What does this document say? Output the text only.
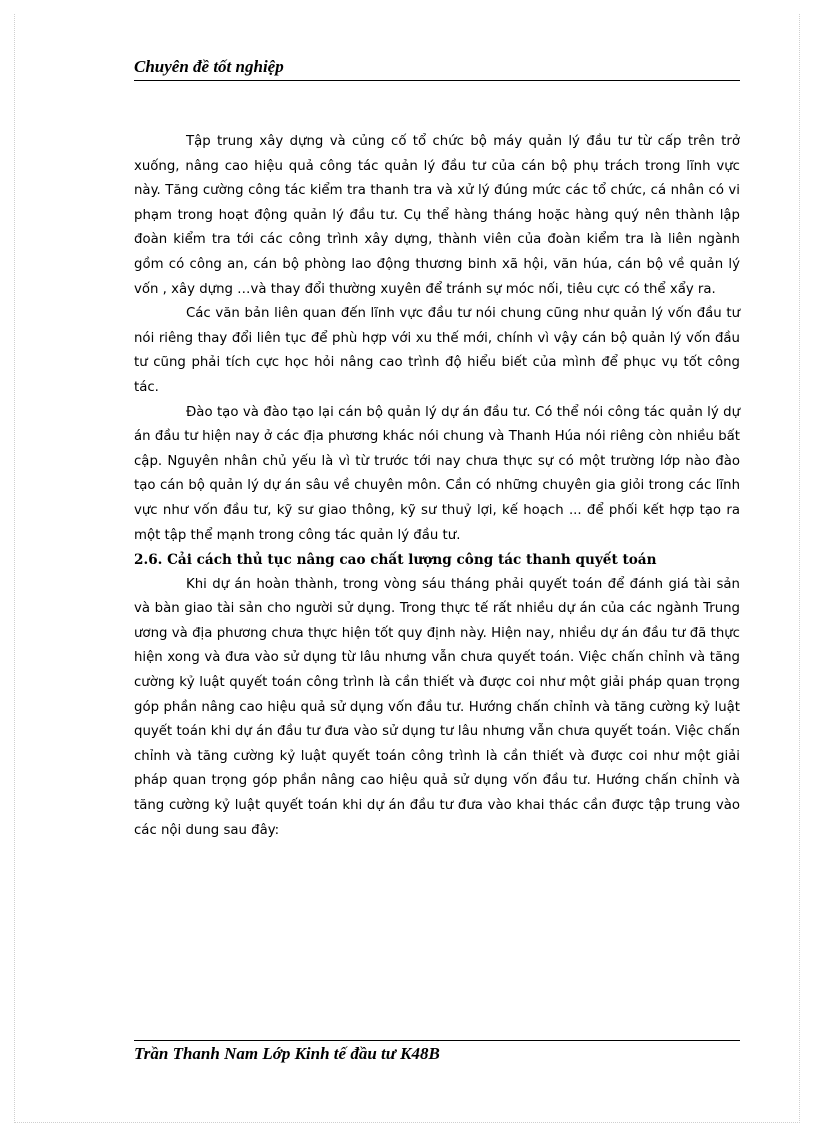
Chuyên đề tốt nghiệp

Tập trung xây dựng và củng cố tổ chức bộ máy quản lý đầu tư từ cấp trên trở xuống, nâng cao hiệu quả công tác quản lý đầu tư của cán bộ phụ trách trong lĩnh vực này. Tăng cường công tác kiểm tra thanh tra và xử lý đúng mức các tổ chức, cá nhân có vi phạm trong hoạt động quản lý đầu tư. Cụ thể hàng tháng hoặc hàng quý nên thành lập đoàn kiểm tra tới các công trình xây dựng, thành viên của đoàn kiểm tra là liên ngành gồm có công an, cán bộ phòng lao động thương binh xã hội, văn húa, cán bộ về quản lý vốn , xây dựng …và thay đổi thường xuyên để tránh sự móc nối, tiêu cực có thể xẩy ra.

Các văn bản liên quan đến lĩnh vực đầu tư nói chung cũng như quản lý vốn đầu tư nói riêng thay đổi liên tục để phù hợp với xu thế mới, chính vì vậy cán bộ quản lý vốn đầu tư cũng phải tích cực học hỏi nâng cao trình độ hiểu biết của mình để phục vụ tốt công tác.

Đào tạo và đào tạo lại cán bộ quản lý dự án đầu tư. Có thể nói công tác quản lý dự án đầu tư hiện nay ở các địa phương khác nói chung và Thanh Húa nói riêng còn nhiều bất cập. Nguyên nhân chủ yếu là vì từ trước tới nay chưa thực sự có một trường lớp nào đào tạo cán bộ quản lý dự án sâu về chuyên môn. Cần có những chuyên gia giỏi trong các lĩnh vực như vốn đầu tư, kỹ sư giao thông, kỹ sư thuỷ lợi, kế hoạch ... để phối kết hợp tạo ra một tập thể mạnh trong công tác quản lý đầu tư.

2.6. Cải cách thủ tục nâng cao chất lượng công tác thanh quyết toán

Khi dự án hoàn thành, trong vòng sáu tháng phải quyết toán để đánh giá tài sản và bàn giao tài sản cho người sử dụng. Trong thực tế rất nhiều dự án của các ngành Trung ương và địa phương chưa thực hiện tốt quy định này. Hiện nay, nhiều dự án đầu tư đã thực hiện xong và đưa vào sử dụng từ lâu nhưng vẫn chưa quyết toán. Việc chấn chỉnh và tăng cường kỷ luật quyết toán công trình là cần thiết và được coi như một giải pháp quan trọng góp phần nâng cao hiệu quả sử dụng vốn đầu tư. Hướng chấn chỉnh và tăng cường kỷ luật quyết toán khi dự án đầu tư đưa vào sử dụng tư lâu nhưng vẫn chưa quyết toán. Việc chấn chỉnh và tăng cường kỷ luật quyết toán công trình là cần thiết và được coi như một giải pháp quan trọng góp phần nâng cao hiệu quả sử dụng vốn đầu tư. Hướng chấn chỉnh và tăng cường kỷ luật quyết toán khi dự án đầu tư đưa vào khai thác cần được tập trung vào các nội dung sau đây:

Trần Thanh Nam Lớp Kinh tế đầu tư K48B
